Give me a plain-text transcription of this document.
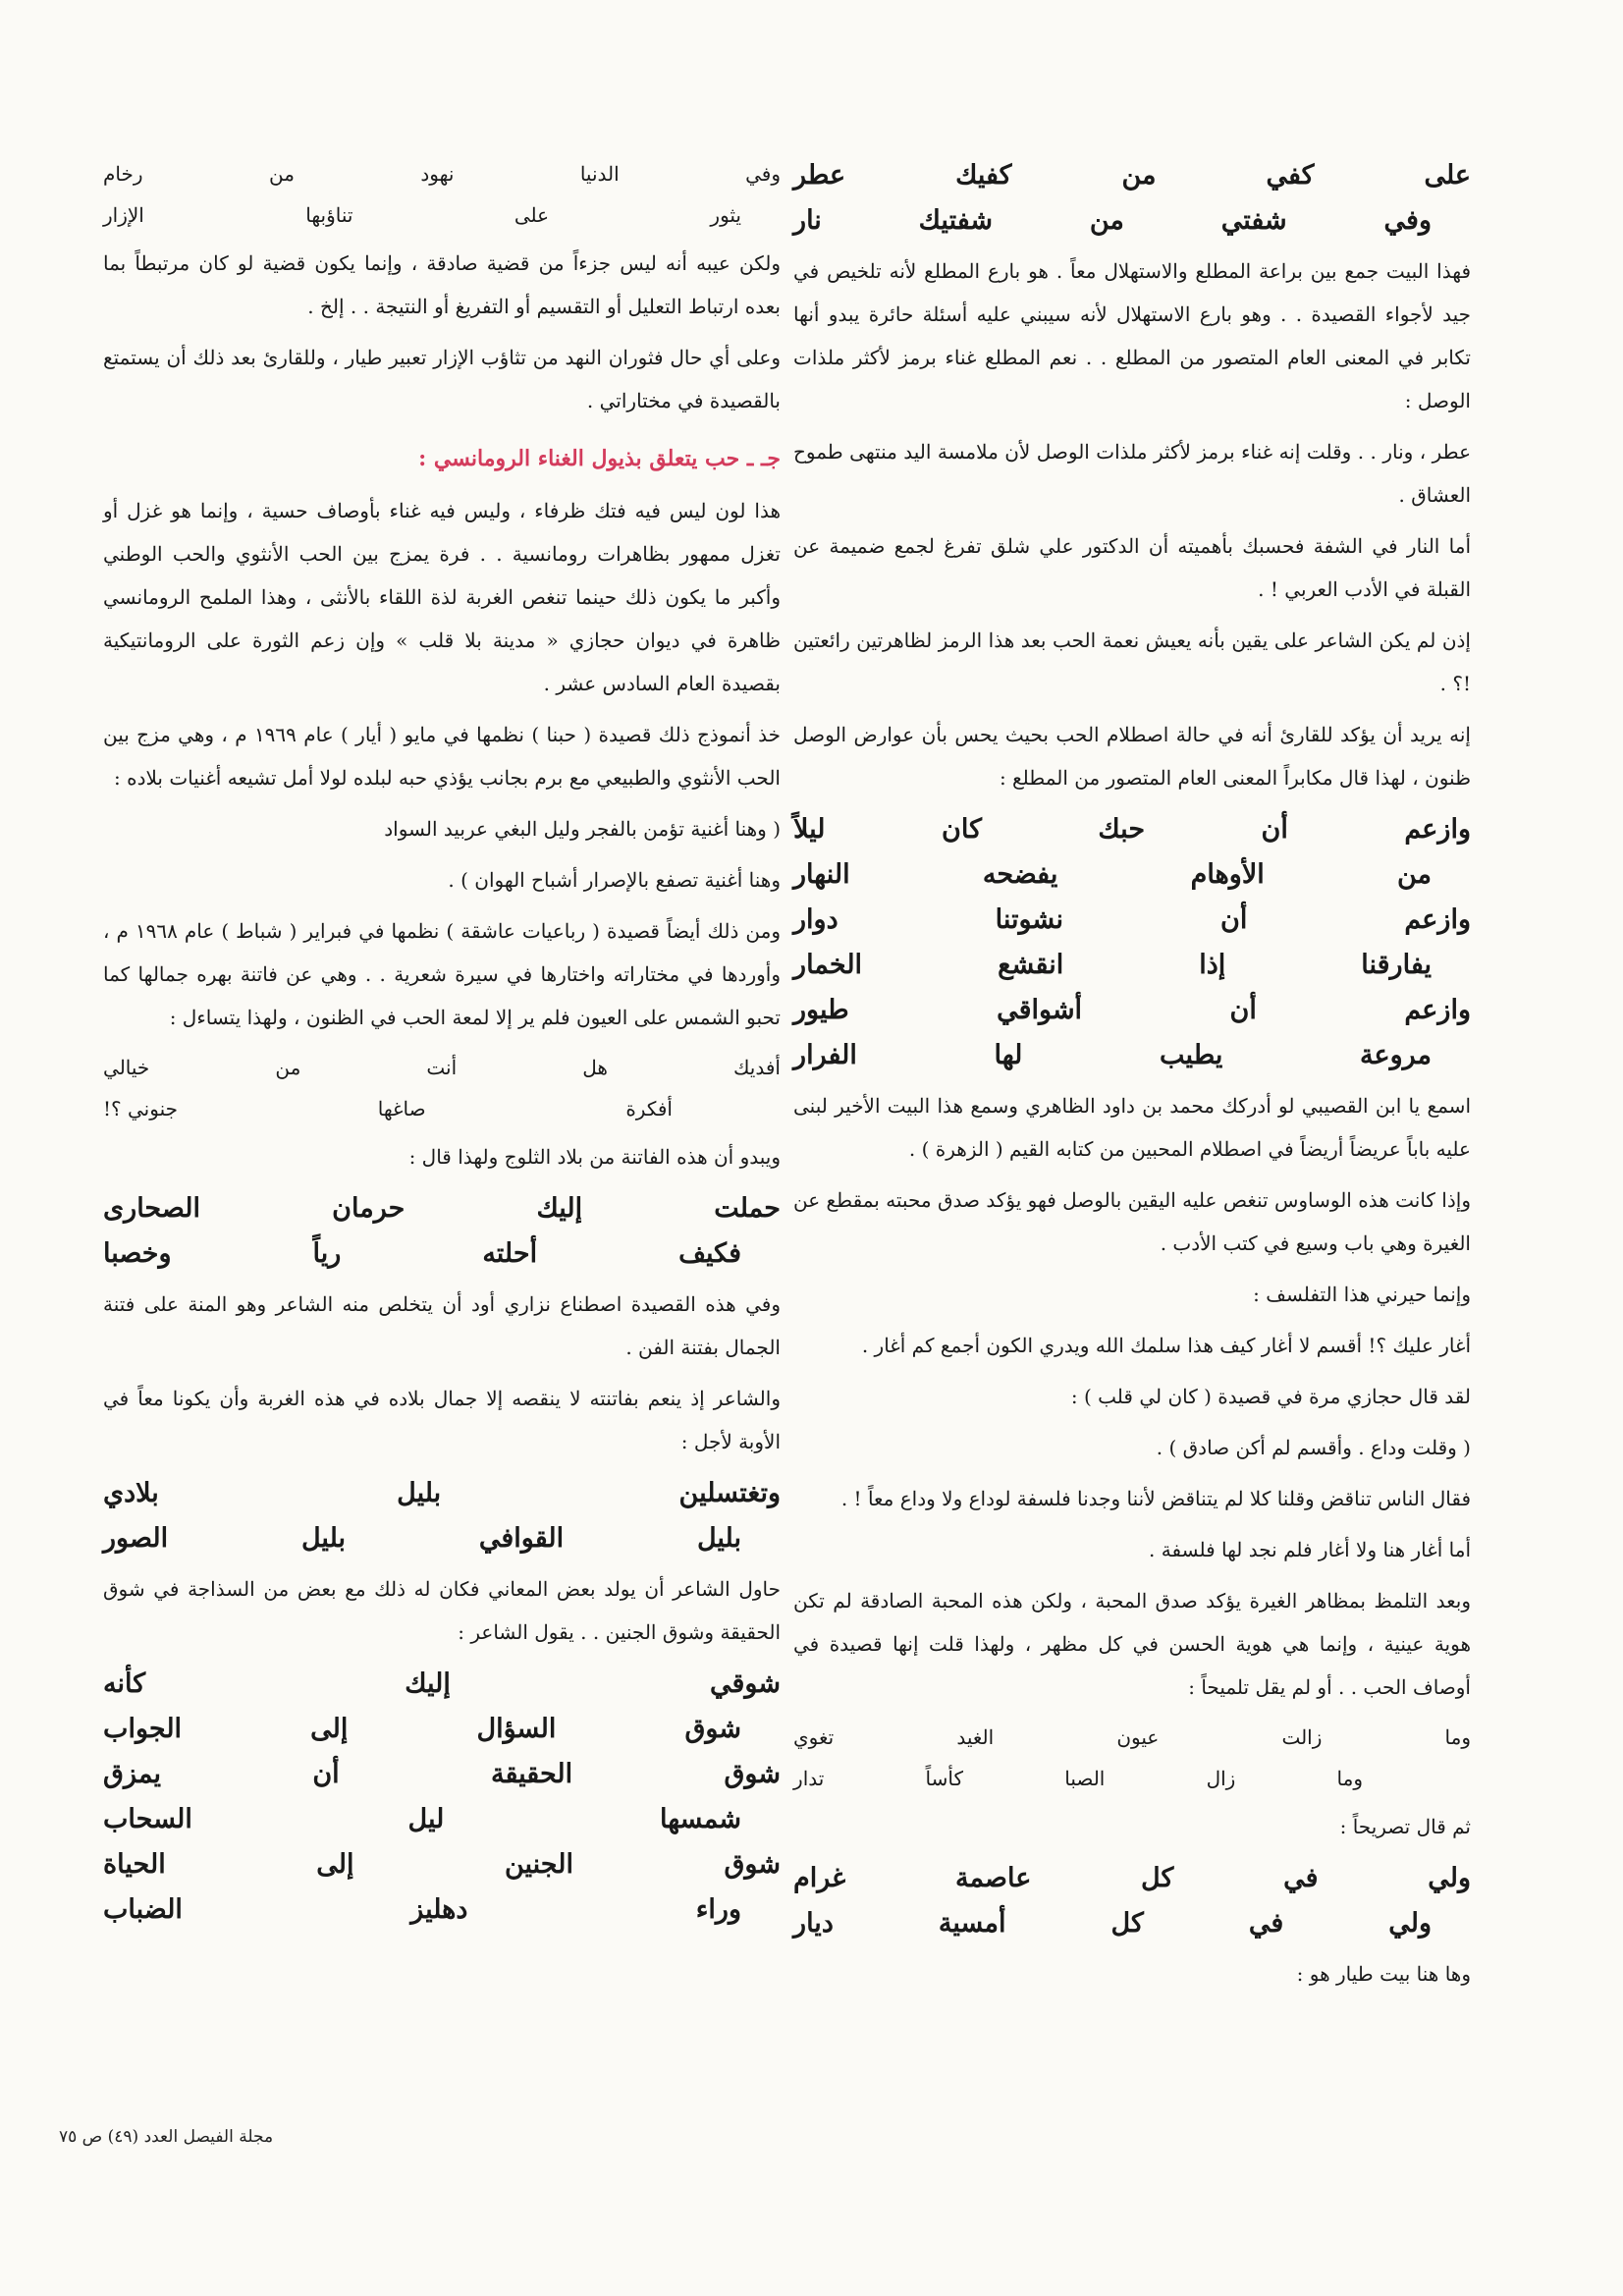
على
كفي
من
كفيك
عطر
وفي
شفتي
من
شفتيك
نار

فهذا البيت جمع بين براعة المطلع والاستهلال معاً . هو بارع المطلع لأنه تلخيص في جيد لأجواء القصيدة . . وهو بارع الاستهلال لأنه سيبني عليه أسئلة حائرة يبدو أنها تكابر في المعنى العام المتصور من المطلع . . نعم المطلع غناء برمز لأكثر ملذات الوصل :

عطر ، ونار . . وقلت إنه غناء برمز لأكثر ملذات الوصل لأن ملامسة اليد منتهى طموح العشاق .

أما النار في الشفة فحسبك بأهميته أن الدكتور علي شلق تفرغ لجمع ضميمة عن القبلة في الأدب العربي ! .

إذن لم يكن الشاعر على يقين بأنه يعيش نعمة الحب بعد هذا الرمز لظاهرتين رائعتين !؟ .

إنه يريد أن يؤكد للقارئ أنه في حالة اصطلام الحب بحيث يحس بأن عوارض الوصل ظنون ، لهذا قال مكابراً المعنى العام المتصور من المطلع :

وازعم
أن
حبك
كان
ليلاً
من
الأوهام
يفضحه
النهار
وازعم
أن
نشوتنا
دوار
يفارقنا
إذا
انقشع
الخمار
وازعم
أن
أشواقي
طيور
مروعة
يطيب
لها
الفرار

اسمع يا ابن القصيبي لو أدركك محمد بن داود الظاهري وسمع هذا البيت الأخير لبنى عليه باباً عريضاً أريضاً في اصطلام المحبين من كتابه القيم ( الزهرة ) .

وإذا كانت هذه الوساوس تنغص عليه اليقين بالوصل فهو يؤكد صدق محبته بمقطع عن الغيرة وهي باب وسيع في كتب الأدب .

وإنما حيرني هذا التفلسف :

أغار عليك ؟! أقسم لا أغار كيف هذا سلمك الله ويدري الكون أجمع كم أغار .

لقد قال حجازي مرة في قصيدة ( كان لي قلب ) :

( وقلت وداع . وأقسم لم أكن صادق ) .

فقال الناس تناقض وقلنا كلا لم يتناقض لأننا وجدنا فلسفة لوداع ولا وداع معاً ! .

أما أغار هنا ولا أغار فلم نجد لها فلسفة .

وبعد التلمظ بمظاهر الغيرة يؤكد صدق المحبة ، ولكن هذه المحبة الصادقة لم تكن هوية عينية ، وإنما هي هوية الحسن في كل مظهر ، ولهذا قلت إنها قصيدة في أوصاف الحب . . أو لم يقل تلميحاً :

وما
زالت
عيون
الغيد
تغوي
وما
زال
الصبا
كأساً
تدار

ثم قال تصريحاً :

ولي
في
كل
عاصمة
غرام
ولي
في
كل
أمسية
ديار

وها هنا بيت طيار هو :

وفي
الدنيا
نهود
من
رخام
يثور
على
تناؤبها
الإزار

ولكن عيبه أنه ليس جزءاً من قضية صادقة ، وإنما يكون قضية لو كان مرتبطاً بما بعده ارتباط التعليل أو التقسيم أو التفريغ أو النتيجة . . إلخ .

وعلى أي حال فثوران النهد من تثاؤب الإزار تعبير طيار ، وللقارئ بعد ذلك أن يستمتع بالقصيدة في مختاراتي .

جـ ـ حب يتعلق بذيول الغناء الرومانسي :

هذا لون ليس فيه فتك ظرفاء ، وليس فيه غناء بأوصاف حسية ، وإنما هو غزل أو تغزل ممهور بظاهرات رومانسية . . فرة يمزج بين الحب الأنثوي والحب الوطني وأكبر ما يكون ذلك حينما تنغص الغربة لذة اللقاء بالأنثى ، وهذا الملمح الرومانسي ظاهرة في ديوان حجازي « مدينة بلا قلب » وإن زعم الثورة على الرومانتيكية بقصيدة العام السادس عشر .

خذ أنموذج ذلك قصيدة ( حبنا ) نظمها في مايو ( أيار ) عام ١٩٦٩ م ، وهي مزج بين الحب الأنثوي والطبيعي مع برم بجانب يؤذي حبه لبلده لولا أمل تشيعه أغنيات بلاده :

( وهنا أغنية تؤمن بالفجر وليل البغي عربيد السواد

وهنا أغنية تصفع بالإصرار أشباح الهوان ) .

ومن ذلك أيضاً قصيدة ( رباعيات عاشقة ) نظمها في فبراير ( شباط ) عام ١٩٦٨ م ، وأوردها في مختاراته واختارها في سيرة شعرية . . وهي عن فاتنة بهره جمالها كما تحبو الشمس على العيون فلم ير إلا لمعة الحب في الظنون ، ولهذا يتساءل :

أفديك
هل
أنت
من
خيالي
أفكرة
صاغها
جنوني ؟!

ويبدو أن هذه الفاتنة من بلاد الثلوج ولهذا قال :

حملت
إليك
حرمان
الصحارى
فكيف
أحلته
رياً
وخصبا

وفي هذه القصيدة اصطناع نزاري أود أن يتخلص منه الشاعر وهو المنة على فتنة الجمال بفتنة الفن .

والشاعر إذ ينعم بفاتنته لا ينقصه إلا جمال بلاده في هذه الغربة وأن يكونا معاً في الأوبة لأجل :

وتغتسلين
بليل
بلادي
بليل
القوافي
بليل
الصور

حاول الشاعر أن يولد بعض المعاني فكان له ذلك مع بعض من السذاجة في شوق الحقيقة وشوق الجنين . . يقول الشاعر :

شوقي
إليك
كأنه
شوق
السؤال
إلى
الجواب
شوق
الحقيقة
أن
يمزق
شمسها
ليل
السحاب
شوق
الجنين
إلى
الحياة
وراء
دهليز
الضباب
مجلة الفيصل العدد (٤٩) ص ٧٥
